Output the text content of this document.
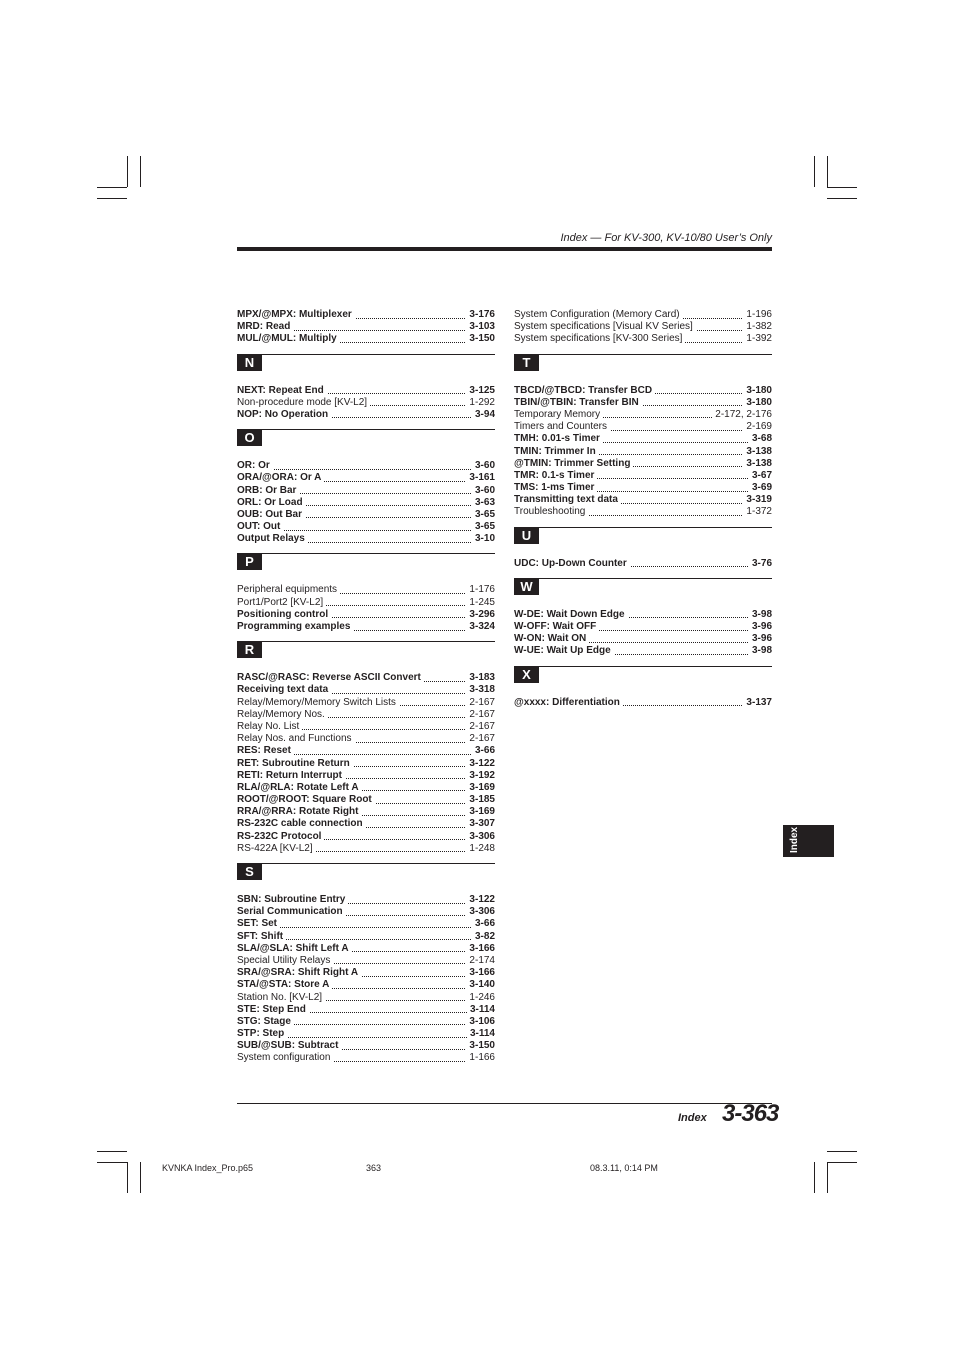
Index — For KV-300, KV-10/80 User’s Only
MPX/@MPX: Multiplexer	3-176
MRD: Read	3-103
MUL/@MUL: Multiply	3-150
N
NEXT: Repeat End	3-125
Non-procedure mode [KV-L2]	1-292
NOP: No Operation	3-94
O
OR: Or	3-60
ORA/@ORA: Or A	3-161
ORB: Or Bar	3-60
ORL: Or Load	3-63
OUB: Out Bar	3-65
OUT: Out	3-65
Output Relays	3-10
P
Peripheral equipments	1-176
Port1/Port2 [KV-L2]	1-245
Positioning control	3-296
Programming examples	3-324
R
RASC/@RASC: Reverse ASCII Convert	3-183
Receiving text data	3-318
Relay/Memory/Memory Switch Lists	2-167
Relay/Memory Nos.	2-167
Relay No. List	2-167
Relay Nos. and Functions	2-167
RES: Reset	3-66
RET: Subroutine Return	3-122
RETI: Return Interrupt	3-192
RLA/@RLA: Rotate Left A	3-169
ROOT/@ROOT: Square Root	3-185
RRA/@RRA: Rotate Right	3-169
RS-232C cable connection	3-307
RS-232C Protocol	3-306
RS-422A [KV-L2]	1-248
S
SBN: Subroutine Entry	3-122
Serial Communication	3-306
SET: Set	3-66
SFT: Shift	3-82
SLA/@SLA: Shift Left A	3-166
Special Utility Relays	2-174
SRA/@SRA: Shift Right A	3-166
STA/@STA: Store A	3-140
Station No. [KV-L2]	1-246
STE: Step End	3-114
STG: Stage	3-106
STP: Step	3-114
SUB/@SUB: Subtract	3-150
System configuration	1-166
System Configuration (Memory Card)	1-196
System specifications [Visual KV Series]	1-382
System specifications [KV-300 Series]	1-392
T
TBCD/@TBCD: Transfer BCD	3-180
TBIN/@TBIN: Transfer BIN	3-180
Temporary Memory	2-172, 2-176
Timers and Counters	2-169
TMH: 0.01-s Timer	3-68
TMIN: Trimmer In	3-138
@TMIN: Trimmer Setting	3-138
TMR: 0.1-s Timer	3-67
TMS: 1-ms Timer	3-69
Transmitting text data	3-319
Troubleshooting	1-372
U
UDC: Up-Down Counter	3-76
W
W-DE: Wait Down Edge	3-98
W-OFF: Wait OFF	3-96
W-ON: Wait ON	3-96
W-UE: Wait Up Edge	3-98
X
@xxxx: Differentiation	3-137
Index
Index 3-363
KVNKA Index_Pro.p65	363	08.3.11, 0:14 PM
